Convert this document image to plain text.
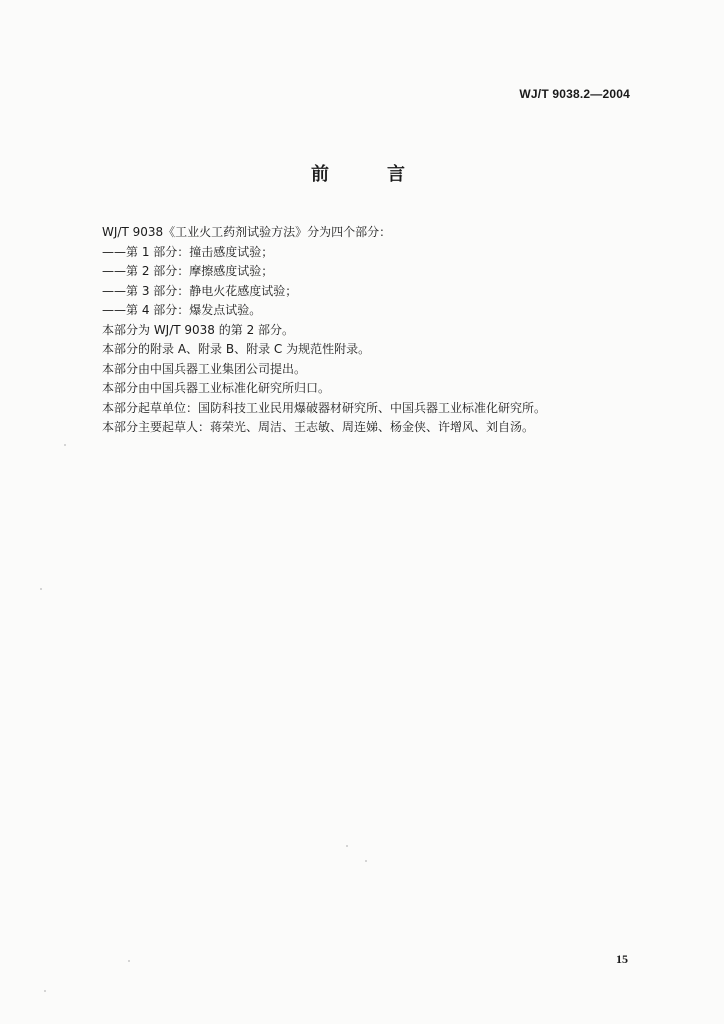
WJ/T 9038.2—2004
前　言
WJ/T 9038《工业火工药剂试验方法》分为四个部分：
——第 1 部分：撞击感度试验；
——第 2 部分：摩擦感度试验；
——第 3 部分：静电火花感度试验；
——第 4 部分：爆发点试验。
本部分为 WJ/T 9038 的第 2 部分。
本部分的附录 A、附录 B、附录 C 为规范性附录。
本部分由中国兵器工业集团公司提出。
本部分由中国兵器工业标准化研究所归口。
本部分起草单位：国防科技工业民用爆破器材研究所、中国兵器工业标准化研究所。
本部分主要起草人：蒋荣光、周洁、王志敏、周连娣、杨金侠、许增风、刘自汤。
15
